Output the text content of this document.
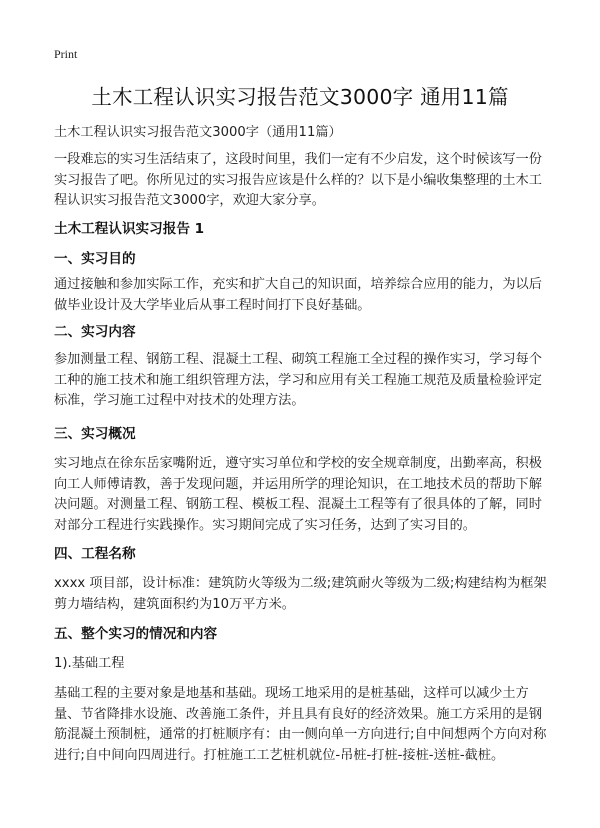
Print
土木工程认识实习报告范文3000字 通用11篇
土木工程认识实习报告范文3000字（通用11篇）

一段难忘的实习生活结束了，这段时间里，我们一定有不少启发，这个时候该写一份实习报告了吧。你所见过的实习报告应该是什么样的？以下是小编收集整理的土木工程认识实习报告范文3000字，欢迎大家分享。

土木工程认识实习报告 1
一、实习目的

通过接触和参加实际工作，充实和扩大自己的知识面，培养综合应用的能力，为以后做毕业设计及大学毕业后从事工程时间打下良好基础。

二、实习内容

参加测量工程、钢筋工程、混凝土工程、砌筑工程施工全过程的操作实习，学习每个工种的施工技术和施工组织管理方法，学习和应用有关工程施工规范及质量检验评定标准，学习施工过程中对技术的处理方法。

三、实习概况

实习地点在徐东岳家嘴附近，遵守实习单位和学校的安全规章制度，出勤率高，积极向工人师傅请教，善于发现问题，并运用所学的理论知识，在工地技术员的帮助下解决问题。对测量工程、钢筋工程、模板工程、混凝土工程等有了很具体的了解，同时对部分工程进行实践操作。实习期间完成了实习任务，达到了实习目的。

四、工程名称

xxxx 项目部，设计标准：建筑防火等级为二级;建筑耐火等级为二级;构建结构为框架剪力墙结构，建筑面积约为10万平方米。

五、整个实习的情况和内容
1).基础工程

基础工程的主要对象是地基和基础。现场工地采用的是桩基础，这样可以减少土方量、节省降排水设施、改善施工条件，并且具有良好的经济效果。施工方采用的是钢筋混凝土预制桩，通常的打桩顺序有：由一侧向单一方向进行;自中间想两个方向对称进行;自中间向四周进行。打桩施工工艺桩机就位-吊桩-打桩-接桩-送桩-截桩。
